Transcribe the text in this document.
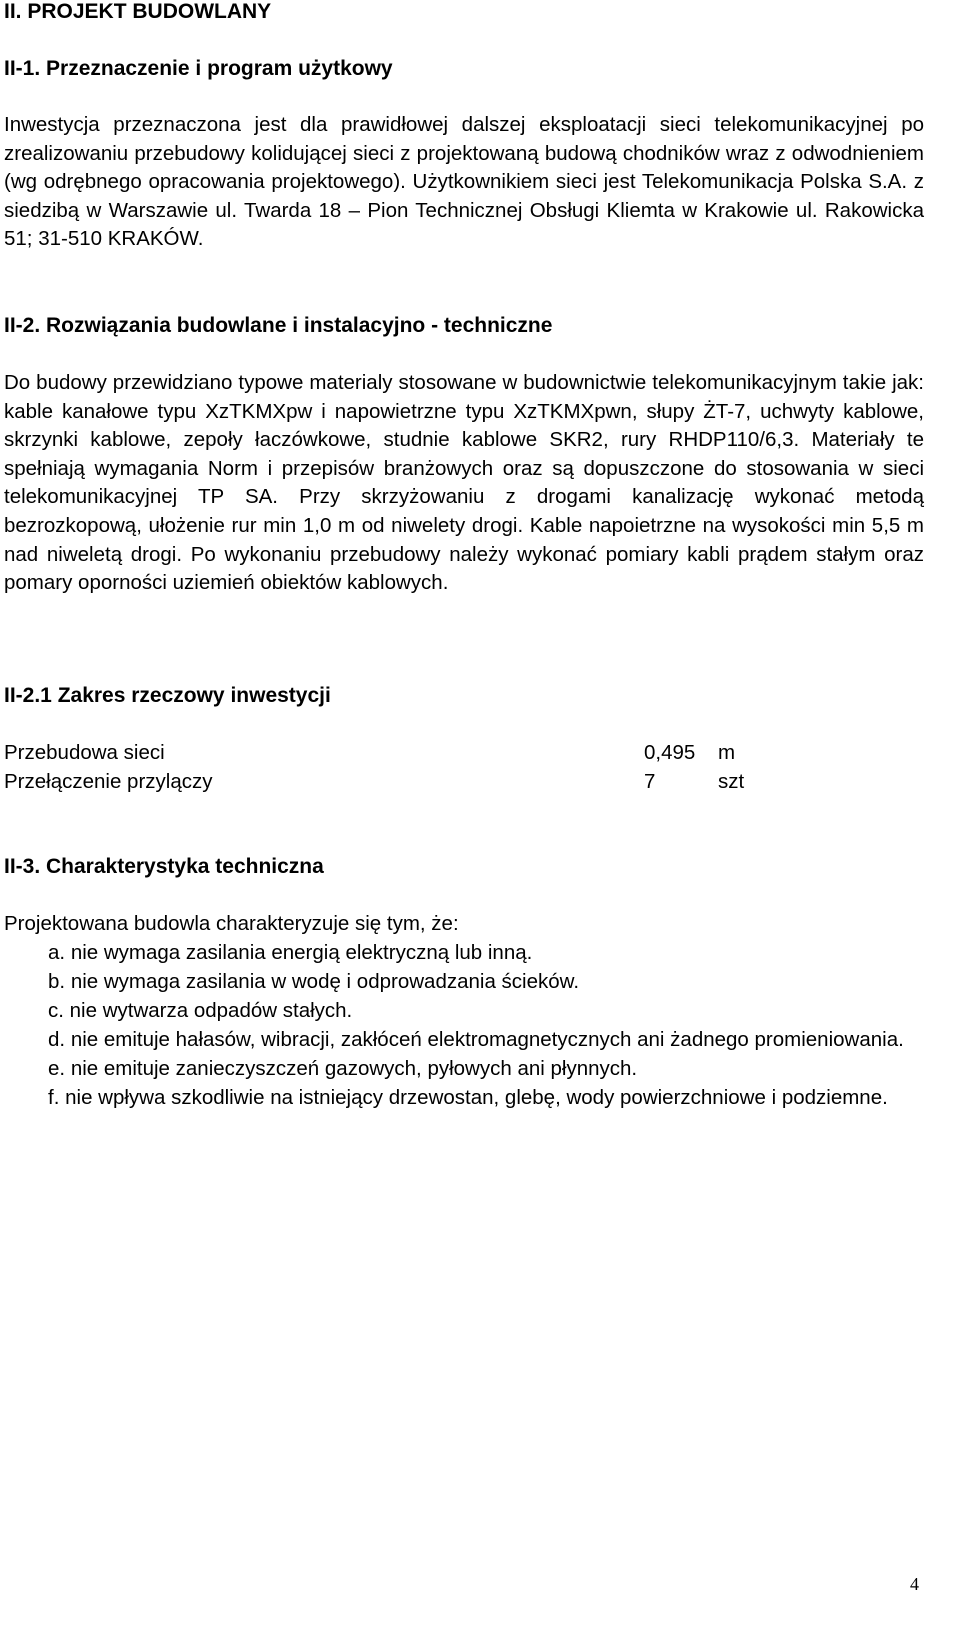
II. PROJEKT BUDOWLANY
II-1. Przeznaczenie i program użytkowy

Inwestycja przeznaczona jest dla prawidłowej dalszej eksploatacji sieci telekomunikacyjnej po zrealizowaniu przebudowy kolidującej sieci z projektowaną budową chodników wraz z odwodnieniem (wg odrębnego opracowania projektowego). Użytkownikiem sieci jest Telekomunikacja Polska S.A. z siedzibą w Warszawie ul. Twarda 18 – Pion Technicznej Obsługi Kliemta w Krakowie ul. Rakowicka 51; 31-510 KRAKÓW.

II-2. Rozwiązania budowlane i instalacyjno - techniczne

Do budowy przewidziano typowe materialy stosowane w budownictwie telekomunikacyjnym takie jak: kable kanałowe typu XzTKMXpw i napowietrzne typu XzTKMXpwn, słupy ŻT-7, uchwyty kablowe, skrzynki kablowe, zepoły łaczówkowe, studnie kablowe SKR2, rury RHDP110/6,3. Materiały te spełniają wymagania Norm i przepisów branżowych oraz są dopuszczone do stosowania w sieci telekomunikacyjnej TP SA. Przy skrzyżowaniu z drogami kanalizację wykonać metodą bezrozkopową, ułożenie rur min 1,0 m od niwelety drogi. Kable napoietrzne na wysokości min 5,5 m nad niweletą drogi. Po wykonaniu przebudowy należy wykonać pomiary kabli prądem stałym oraz pomary oporności uziemień obiektów kablowych.

II-2.1 Zakres rzeczowy inwestycji
Przebudowa sieci	0,495 m
Przełączenie przylączy	7	szt
II-3. Charakterystyka techniczna

Projektowana budowla charakteryzuje się tym, że:

a. nie wymaga zasilania energią elektryczną lub inną.
b. nie wymaga zasilania w wodę i odprowadzania ścieków.
c. nie wytwarza odpadów stałych.
d. nie emituje hałasów, wibracji, zakłóceń elektromagnetycznych ani żadnego promieniowania.
e. nie emituje zanieczyszczeń gazowych, pyłowych ani płynnych.
f. nie wpływa szkodliwie na istniejący drzewostan, glebę, wody powierzchniowe i podziemne.
4
